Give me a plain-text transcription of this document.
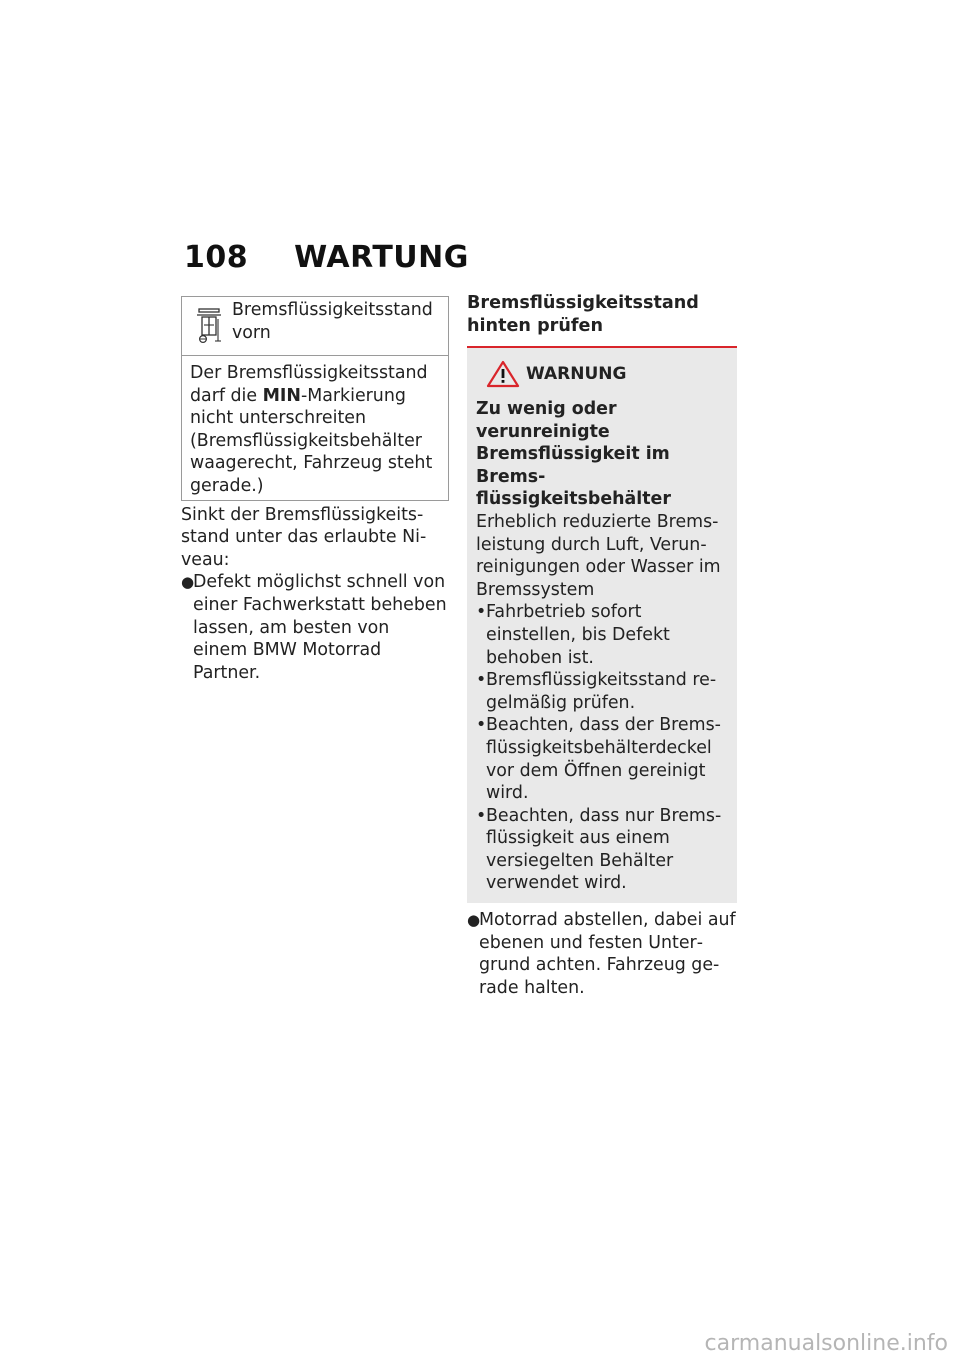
108 WARTUNG
Bremsflüssigkeitsstand vorn
Der Bremsflüssigkeitsstand darf die MIN-Markierung nicht unterschreiten (Bremsflüssigkeitsbehälter waagerecht, Fahrzeug steht gerade.)
Sinkt der Bremsflüssigkeitsstand unter das erlaubte Niveau:
●
Defekt möglichst schnell von einer Fachwerkstatt beheben lassen, am besten von einem BMW Motorrad Partner.
Bremsflüssigkeitsstand hinten prüfen
WARNUNG
Zu wenig oder verunreinigte Bremsflüssigkeit im Bremsflüssigkeitsbehälter
Erheblich reduzierte Bremsleistung durch Luft, Verunreinigungen oder Wasser im Bremssystem
• Fahrbetrieb sofort einstellen, bis Defekt behoben ist.
• Bremsflüssigkeitsstand regelmäßig prüfen.
• Beachten, dass der Bremsflüssigkeitsbehälterdeckel vor dem Öffnen gereinigt wird.
• Beachten, dass nur Bremsflüssigkeit aus einem versiegelten Behälter verwendet wird.
●
Motorrad abstellen, dabei auf ebenen und festen Untergrund achten. Fahrzeug gerade halten.
carmanualsonline.info
